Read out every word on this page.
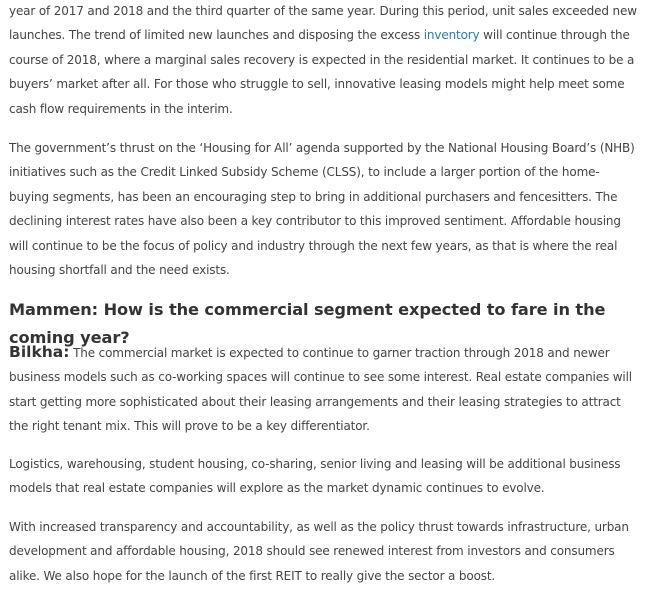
year of 2017 and 2018 and the third quarter of the same year. During this period, unit sales exceeded new launches. The trend of limited new launches and disposing the excess inventory will continue through the course of 2018, where a marginal sales recovery is expected in the residential market. It continues to be a buyers’ market after all. For those who struggle to sell, innovative leasing models might help meet some cash flow requirements in the interim.

The government’s thrust on the ‘Housing for All’ agenda supported by the National Housing Board’s (NHB) initiatives such as the Credit Linked Subsidy Scheme (CLSS), to include a larger portion of the home-buying segments, has been an encouraging step to bring in additional purchasers and fencesitters. The declining interest rates have also been a key contributor to this improved sentiment. Affordable housing will continue to be the focus of policy and industry through the next few years, as that is where the real housing shortfall and the need exists.

Mammen: How is the commercial segment expected to fare in the coming year?

Bilkha: The commercial market is expected to continue to garner traction through 2018 and newer business models such as co-working spaces will continue to see some interest. Real estate companies will start getting more sophisticated about their leasing arrangements and their leasing strategies to attract the right tenant mix. This will prove to be a key differentiator.

Logistics, warehousing, student housing, co-sharing, senior living and leasing will be additional business models that real estate companies will explore as the market dynamic continues to evolve.

With increased transparency and accountability, as well as the policy thrust towards infrastructure, urban development and affordable housing, 2018 should see renewed interest from investors and consumers alike. We also hope for the launch of the first REIT to really give the sector a boost.
